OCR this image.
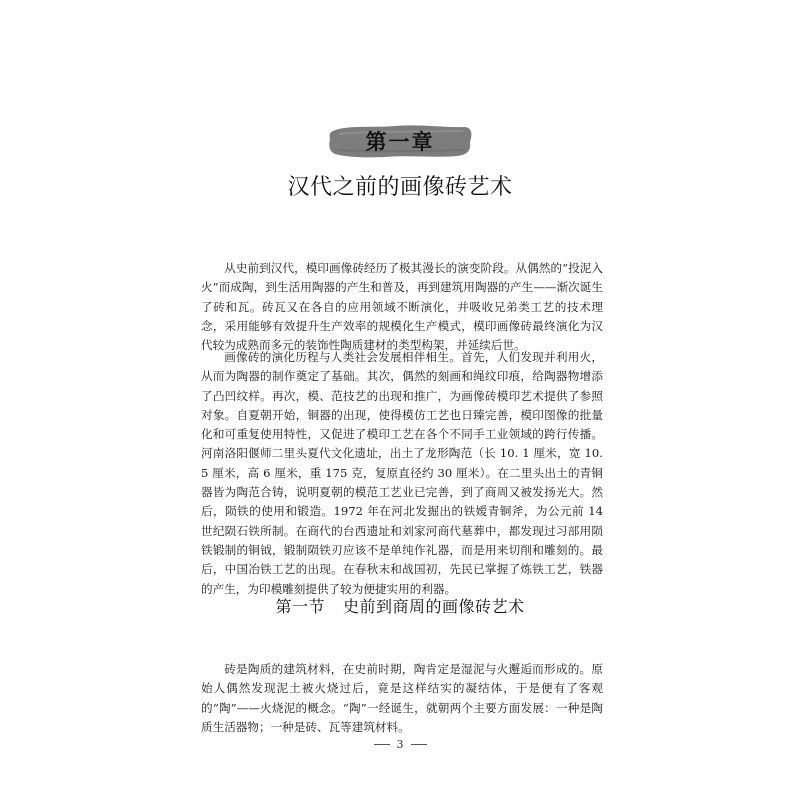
第一章
汉代之前的画像砖艺术

从史前到汉代，模印画像砖经历了极其漫长的演变阶段。从偶然的“投泥入火”而成陶，到生活用陶器的产生和普及，再到建筑用陶器的产生——渐次诞生了砖和瓦。砖瓦又在各自的应用领域不断演化，并吸收兄弟类工艺的技术理念，采用能够有效提升生产效率的规模化生产模式，模印画像砖最终演化为汉代较为成熟而多元的装饰性陶质建材的类型构架，并延续后世。

画像砖的演化历程与人类社会发展相伴相生。首先，人们发现并利用火，从而为陶器的制作奠定了基础。其次，偶然的刻画和绳纹印痕，给陶器物增添了凸凹纹样。再次，模、范技艺的出现和推广，为画像砖模印艺术提供了参照对象。自夏朝开始，铜器的出现，使得模仿工艺也日臻完善，模印图像的批量化和可重复使用特性，又促进了模印工艺在各个不同手工业领域的跨行传播。河南洛阳偃师二里头夏代文化遗址，出土了龙形陶范（长 10. 1 厘米，宽 10. 5 厘米，高 6 厘米，重 175 克，复原直径约 30 厘米）。在二里头出土的青铜器皆为陶范合铸，说明夏朝的模范工艺业已完善，到了商周又被发扬光大。然后，陨铁的使用和锻造。1972 年在河北发掘出的铁嫒青铜斧，为公元前 14 世纪陨石铁所制。在商代的台西遗址和刘家河商代墓葬中，都发现过习部用陨铁锻制的铜钺，锻制陨铁刃应该不是单纯作礼器，而是用来切削和雕刻的。最后，中国冶铁工艺的出现。在春秋末和战国初，先民已掌握了炼铁工艺，铁器的产生，为印模雕刻提供了较为便捷实用的利器。

第一节 史前到商周的画像砖艺术

砖是陶质的建筑材料，在史前时期，陶肯定是湿泥与火邂逅而形成的。原始人偶然发现泥土被火烧过后，竟是这样结实的凝结体，于是便有了客观的“陶”——火烧泥的概念。“陶”一经诞生，就朝两个主要方面发展：一种是陶质生活器物；一种是砖、瓦等建筑材料。

3
